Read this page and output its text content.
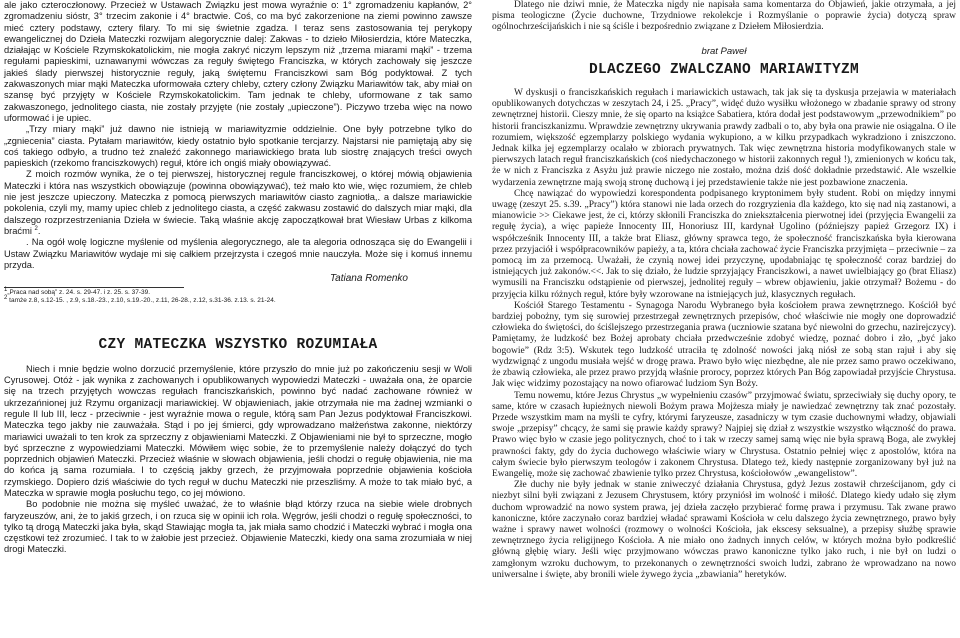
ale jako czteroczłonowy. Przecież w Ustawach Związku jest mowa wyraźnie o: 1° zgromadzeniu kapłanów, 2° zgromadzeniu sióstr, 3° trzecim zakonie i 4° bractwie. Coś, co ma być zakorzenione na ziemi powinno zawsze mieć cztery podstawy, cztery filary. To mi się świetnie zgadza. I teraz sens zastosowania tej perykopy ewangelicznej do Dzieła Mateczki rozwijam alegorycznie dalej: Zakwas - to dzieło Miłosierdzia, które Mateczka, działając w Kościele Rzymskokatolickim, nie mogła zakryć niczym lepszym niż „trzema miarami mąki” - trzema regułami papieskimi, uznawanymi wówczas za reguły świętego Franciszka, w których zachowały się jeszcze jakieś ślady pierwszej historycznie reguły, jaką świętemu Franciszkowi sam Bóg podyktował. Z tych zakwaszonych miar mąki Mateczka uformowała cztery chleby, cztery człony Związku Mariawitów tak, aby miał on szansę być przyjęty w Kościele Rzymskokatolickim. Tam jednak te chleby, uformowane z tak samo zakwaszonego, jednolitego ciasta, nie zostały przyjęte (nie zostały „upieczone”). Piczywo trzeba więc na nowo uformować i je upiec.

„Trzy miary mąki” już dawno nie istnieją w mariawityzmie oddzielnie. One były potrzebne tylko do „zgniecenia” ciasta. Pytałam mariawitów, kiedy ostatnio było spotkanie tercjarzy. Najstarsi nie pamiętają aby się coś takiego odbyło, a trudno też znaleźć zakonnego mariawickiego brata lub siostrę znających treści owych papieskich (rzekomo franciszkowych) reguł, które ich ongiś miały obowiązywać.

Z moich rozmów wynika, że o tej pierwszej, historycznej regule franciszkowej, o której mówią objawienia Mateczki i która nas wszystkich obowiązuje (powinna obowiązywać), też mało kto wie, więc rozumiem, że chleb nie jest jeszcze upieczony. Mateczka z pomocą pierwszych mariawitów ciasto zagniotła,. a dalsze mariawickie pokolenia, czyli my, mamy upiec chleb z jednolitego ciasta, a część zakwasu zostawić do dalszych miar mąki, dla dalszego rozprzestrzeniania Dzieła w świecie. Taką właśnie akcję zapoczątkował brat Wiesław Urbas z kilkoma braćmi $^2$.

. Na ogół wolę logiczne myślenie od myślenia alegorycznego, ale ta alegoria odnosząca się do Ewangelii i Ustaw Związku Mariawitów wydaje mi się całkiem przejrzysta i czegoś mnie nauczyła. Może się i komuś innemu przyda.

Tatiana Romenko

$^1$„Praca nad sobą” z. 24. s. 29-47. i z. 25. s. 37-39.

$^2$ tamże z.8, s.12-15. , z.9, s.18.-23., z.10, s.19.-20., z.11, 26-28., z.12, s.31-36. z.13. s. 21-24.

CZY MATECZKA WSZYSTKO ROZUMIAŁA

Niech i mnie będzie wolno dorzucić przemyślenie, które przyszło do mnie już po zakończeniu sesji w Woli Cyrusowej. Otóż - jak wynika z zachowanych i opublikowanych wypowiedzi Mateczki - uważała ona, że oparcie się na trzech przyjętych wowczas regułach franciszkańskich, powinno być nadać zachowane również w ukrzezańnionej już Rzymu organizacji mariawickiej. W objawieniach, jakie otrzymała nie ma żadnej wzmianki o regule II lub III, lecz - przeciwnie - jest wyraźnie mowa o regule, którą sam Pan Jezus podyktował Franciszkowi. Mateczka tego jakby nie zauważała. Stąd i po jej śmierci, gdy wprowadzano małżeństwa zakonne, niektórzy mariawici uważali to ten krok za sprzeczny z objawieniami Mateczki. Z Objawieniami nie był to sprzeczne, mogło być sprzeczne z wypowiedziami Mateczki. Mówiłem więc sobie, że to przemyślenie należy dołączyć do tych poprzednich objawień Mateczki. Przecież właśnie w słowach objawienia, jeśli chodzi o regułę objawienia, nie ma do końca ją sama rozumiała. I to częścią jakby grzech, że przyjmowała poprzednie objawienia kościoła rzymskiego. Dopiero dziś właściwie do tych reguł w duchu Mateczki nie przeszliśmy. A może to tak miało być, a Mateczka w sprawie mogła posłuchu tego, co jej mówiono.

Bo podobnie nie można się myśleć uważać, że to właśnie błąd którzy rzuca na siebie wiele drobnych faryzeuszów, ani, że to jakiś grzech, i on rzuca się w opinii ich rola. Węgrów, jeśli chodzi o regułę społeczności, to tylko tą drogą Mateczki jaka była, skąd Stawiając mogła ta, jak miała samo chodzić i Mateczki wybrać i mogła ona częstkowi też zrozumieć. I tak to w żałobie jest przecież. Objawienie Mateczki, kiedy ona sama zrozumiała w niej drogi Mateczki.

Dlatego nie dziwi mnie, że Mateczka nigdy nie napisała sama komentarza do Objawień, jakie otrzymała, a jej pisma teologiczne (Życie duchowne, Trzydniowe rekolekcje i Rozmyślanie o poprawie życia) dotyczą spraw ogólnochrześcijańskich i nie są ściśle i bezpośrednio związane z Dziełem Miłosierdzia.

brat Paweł

DLACZEGO ZWALCZANO MARIAWITYZM

W dyskusji o franciszkańskich regułach i mariawickich ustawach, tak jak się ta dyskusja przejawia w materiałach opublikowanych dotychczas w zeszytach 24, i 25. „Pracy”, widęć dużo wysiłku włożonego w zbadanie sprawy od strony zewnętrznej historii. Cieszy mnie, że się oparto na książce Sabatiera, która dodał jest podstawowym „przewodnikiem” po historii franciszkanizmu. Wprawdzie zewnętrzny ukrywania prawdy zadbali o to, aby była ona prawie nie osiągalna. O ile rozumiem, większość egzemplarzy polskiego wydania wykupiono, a w kilku przypadkach wykradziono i zniszczono. Jednak kilka jej egzemplarzy ocalało w zbiorach prywatnych. Tak więc zewnętrzna historia modyfikowanych stale w pierwszych latach reguł franciszkańskich (coś niedychaczonego w historii zakonnych reguł !), zmienionych w końcu tak, że w nich z Franciszka z Asyżu już prawie niczego nie zostało, można dziś dość dokładnie przedstawić. Ale wszelkie wydarzenia zewnętrzne mają swoją stronę duchową i jej przedstawienie także nie jest pozbawione znaczenia.

Chcę nawiązać do wypowiedzi korespondenta podpisanego kryptonimem były student. Robi on między innymi uwagę (zeszyt 25. s.39. „Pracy”) która stanowi nie lada orzech do rozgryzienia dla każdego, kto się nad nią zastanowi, a mianowicie >> Ciekawe jest, że ci, którzy skłonili Franciszka do zniekształcenia pierwotnej idei (przyjęcia Ewangelii za regułę życia), a więc papieże Innocenty III, Honoriusz III, kardynał Ugolino (późniejszy papież Grzegorz IX) i współcześnik Innocenty III, a także brat Eliasz, główny sprawca tego, że społeczność franciszkańska była kierowana przez przyjaciół i współpracowników papieży, a ta, która chciała zachować życie Franciszka przyjmięta – przeciwnie – za pomocą im za przemocą. Uważałi, że czynią nowej idei przyczynę, upodabniając tę społeczność coraz bardziej do istniejących już zakonów.<<. Jak to się działo, że ludzie sprzyjający Franciszkowi, a nawet uwielbiający go (brat Eliasz) wymusili na Franciszku odstąpienie od pierwszej, jednolitej reguły – wbrew objawieniu, jakie otrzymał? Bożemu - do przyjęcia kilku różnych reguł, które były wzorowane na istniejących już, klasycznych regułach.

Kościół Starego Testamentu - Synagoga Narodu Wybranego była kościołem prawa zewnętrznego. Kościół być bardziej pobożny, tym się surowiej przestrzegał zewnętrznych przepisów, choć właściwie nie mogły one doprowadzić człowieka do świętości, do ściślejszego przestrzegania prawa (uczniowie szatana być niewolni do grzechu, nazirejczycy). Pamiętamy, że ludzkość bez Bożej aprobaty chciała przedwcześnie zdobyć wiedzę, poznać dobro i zło, „być jako bogowie” (Rdz 3:5). Wskutek tego ludzkość utraciła tę zdolność nowości jaką niósł ze sobą stan rajuł i aby się wydzwignąć z ungodu musiała wejść w drogę prawa. Prawo było więc niezbędne, ale nie przez samo prawo oczekiwano, że zbawią człowieka, ale przez prawo przyjdą właśnie prorocy, poprzez których Pan Bóg zapowiadał przyjście Chrystusa. Jak więc widzimy pozostający na nowo ofiarować ludziom Syn Boży.

Temu nowemu, które Jezus Chrystus „w wypełnieniu czasów” przyjmować światu, sprzeciwiały się duchy opory, te same, które w czasach łupieżnych niewoli Bożym prawa Mojżesza miały je nawiedzać zewnętrzny tak znać pozostały. Przede wszystkim mam na myśli te cyfry, którymi faryzeusze, zasadniczy w tym czasie duchownymi władzy, objawiali swoje „przepisy” chcący, że sami się prawie każdy sprawy? Najpiej się dział z wszystkie wszystko włączność do prawa. Prawo więc było w czasie jego politycznych, choć to i tak w rzeczy samej samą więc nie była sprawą Boga, ale zwykłej prawności fakty, gdy do życia duchowego właściwie wiary w Chrystusa. Ostatnio pełniej więc z apostolów, która na całym świecie było pierwszym teologów i zakonem Chrystusa. Dlatego też, kiedy następnie zorganizowany był już na Ewangelię, może się zachować zbawienie tylko przez Chrystusa, kościołowów „ewangelistow”.

Złe duchy nie były jednak w stanie zniweczyć działania Chrystusa, gdyż Jezus zostawił chrześcijanom, gdy ci niezbyt silni byłi związani z Jezusem Chrystusem, który przyniósł im wolność i miłość. Dlatego kiedy udało się złym duchom wprowadzić na nowo system prawa, jej dzieła zaczęło przybierać formę prawa i przymusu. Tak zwane prawo kanoniczne, które zaczynało coraz bardziej władać sprawami Kościoła w celu dalszego życia zewnętrznego, prawo były ważne i sprawy nawet wolności (rozmowy o wolności Kościoła, jak ekscesy seksualne), a przepisy służbę sprawie zewnętrznego życia religijnego Kościoła. A nie miało ono żadnych innych celów, w których można było podkreślić główną głębię wiary. Jeśli więc przyjmowano wówczas prawo kanoniczne tylko jako ruch, i nie był on ludzi o zamgłonym wzroku duchowym, to przekonanych o zewnętrzności swoich ludzi, zabrano że wprowadzano na nowo uniwersalne i święte, aby bronili wiele żywego życia „zbawiania” heretyków.
